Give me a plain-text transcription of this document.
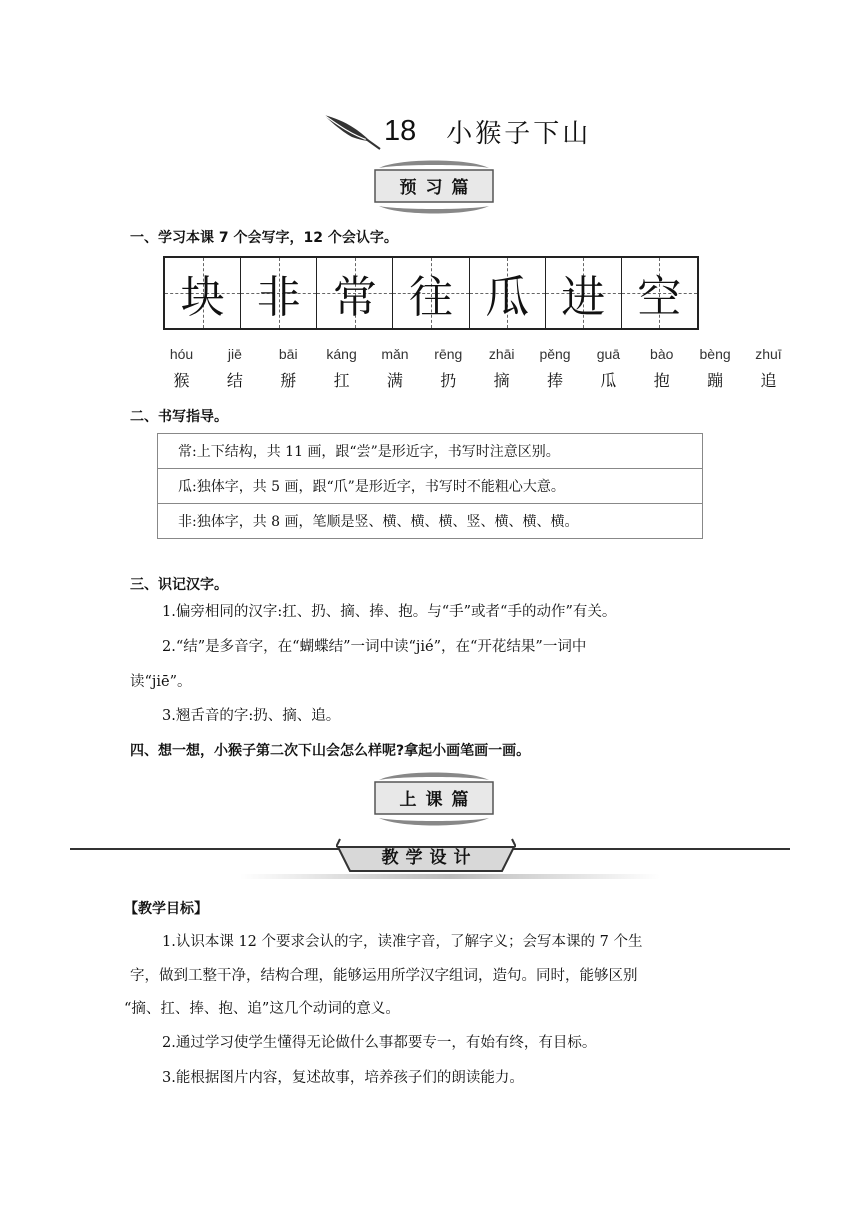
18 小猴子下山
预习篇
一、学习本课 7 个会写字，12 个会认字。
块 非 常 往 瓜 进 空
hóu	jiē	bāi	káng	mǎn	rēng	zhāi	pěng	guā	bào	bèng	zhuī
猴	结	掰	扛	满	扔	摘	捧	瓜	抱	蹦	追
二、书写指导。
常:上下结构，共 11 画，跟“尝”是形近字，书写时注意区别。
瓜:独体字，共 5 画，跟“爪”是形近字，书写时不能粗心大意。
非:独体字，共 8 画，笔顺是竖、横、横、横、竖、横、横、横。
三、识记汉字。
1.偏旁相同的汉字:扛、扔、摘、捧、抱。与“手”或者“手的动作”有关。
2.“结”是多音字，在“蝴蝶结”一词中读“jié”，在“开花结果”一词中
读“jiē”。
3.翘舌音的字:扔、摘、追。
四、想一想，小猴子第二次下山会怎么样呢?拿起小画笔画一画。
上课篇
教学设计
【教学目标】
1.认识本课 12 个要求会认的字，读准字音，了解字义；会写本课的 7 个生
字，做到工整干净，结构合理，能够运用所学汉字组词，造句。同时，能够区别
“摘、扛、捧、抱、追”这几个动词的意义。
2.通过学习使学生懂得无论做什么事都要专一，有始有终，有目标。
3.能根据图片内容，复述故事，培养孩子们的朗读能力。
